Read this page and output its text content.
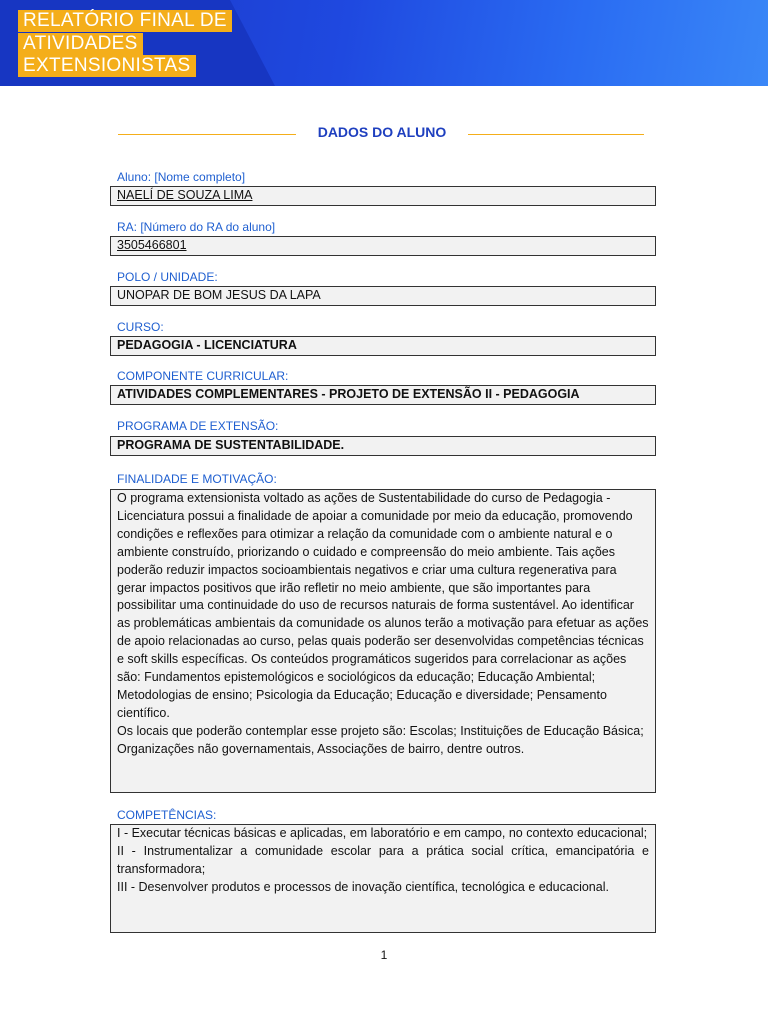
RELATÓRIO FINAL DE
ATIVIDADES
EXTENSIONISTAS
DADOS DO ALUNO
Aluno: [Nome completo]
NAELÍ DE SOUZA LIMA
RA: [Número do RA do aluno]
3505466801
POLO / UNIDADE:
UNOPAR DE BOM JESUS DA LAPA
CURSO:
PEDAGOGIA - LICENCIATURA
COMPONENTE CURRICULAR:
ATIVIDADES COMPLEMENTARES - PROJETO DE EXTENSÃO II - PEDAGOGIA
PROGRAMA DE EXTENSÃO:
PROGRAMA DE SUSTENTABILIDADE.
FINALIDADE E MOTIVAÇÃO:
O programa extensionista voltado as ações de Sustentabilidade do curso de Pedagogia - Licenciatura possui a finalidade de apoiar a comunidade por meio da educação, promovendo condições e reflexões para otimizar a relação da comunidade com o ambiente natural e o ambiente construído, priorizando o cuidado e compreensão do meio ambiente. Tais ações poderão reduzir impactos socioambientais negativos e criar uma cultura regenerativa para gerar impactos positivos que irão refletir no meio ambiente, que são importantes para possibilitar uma continuidade do uso de recursos naturais de forma sustentável. Ao identificar as problemáticas ambientais da comunidade os alunos terão a motivação para efetuar as ações de apoio relacionadas ao curso, pelas quais poderão ser desenvolvidas competências técnicas e soft skills específicas. Os conteúdos programáticos sugeridos para correlacionar as ações são: Fundamentos epistemológicos e sociológicos da educação; Educação Ambiental; Metodologias de ensino; Psicologia da Educação; Educação e diversidade; Pensamento científico.
Os locais que poderão contemplar esse projeto são: Escolas; Instituições de Educação Básica; Organizações não governamentais, Associações de bairro, dentre outros.
COMPETÊNCIAS:
I - Executar técnicas básicas e aplicadas, em laboratório e em campo, no contexto educacional;
II - Instrumentalizar a comunidade escolar para a prática social crítica, emancipatória e transformadora;
III - Desenvolver produtos e processos de inovação científica, tecnológica e educacional.
1
